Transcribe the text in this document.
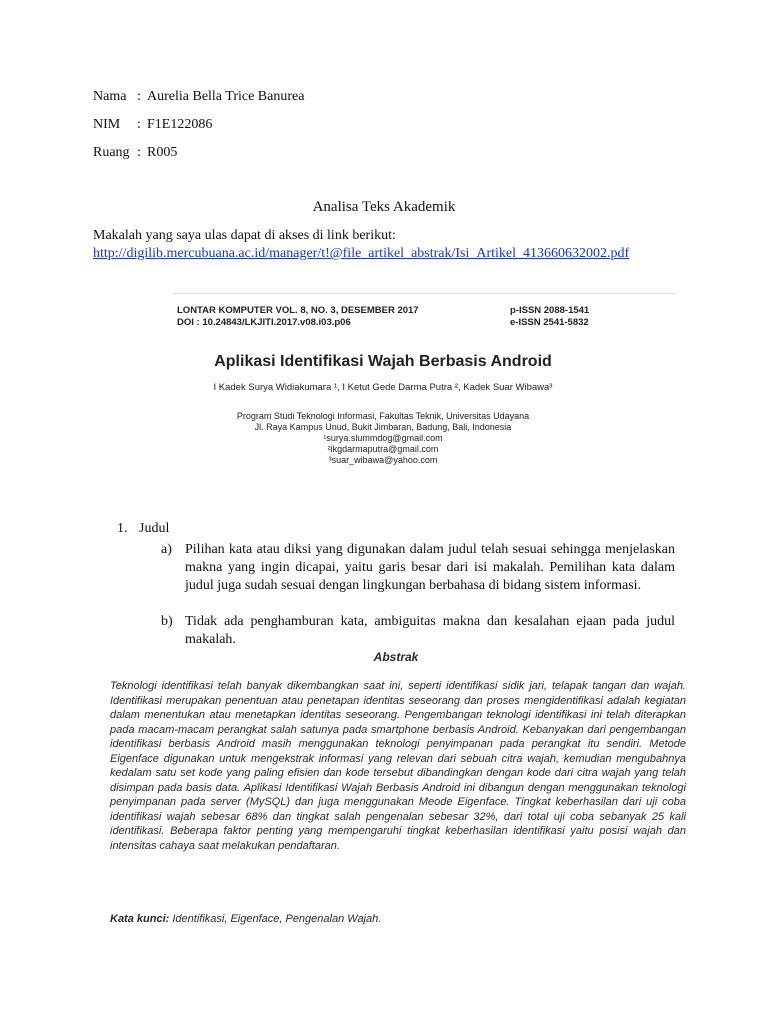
Nama : Aurelia Bella Trice Banurea
NIM : F1E122086
Ruang : R005
Analisa Teks Akademik
Makalah yang saya ulas dapat di akses di link berikut:
http://digilib.mercubuana.ac.id/manager/t!@file_artikel_abstrak/Isi_Artikel_413660632002.pdf
LONTAR KOMPUTER VOL. 8, NO. 3, DESEMBER 2017
DOI : 10.24843/LKJITI.2017.v08.i03.p06
p-ISSN 2088-1541
e-ISSN 2541-5832
Aplikasi Identifikasi Wajah Berbasis Android
I Kadek Surya Widiakumara ¹, I Ketut Gede Darma Putra ², Kadek Suar Wibawa³
Program Studi Teknologi Informasi, Fakultas Teknik, Universitas Udayana
Jl. Raya Kampus Unud, Bukit Jimbaran, Badung, Bali, Indonesia
¹surya.slummdog@gmail.com
²ikgdarmaputra@gmail.com
³suar_wibawa@yahoo.com
1. Judul
a) Pilihan kata atau diksi yang digunakan dalam judul telah sesuai sehingga menjelaskan makna yang ingin dicapai, yaitu garis besar dari isi makalah. Pemilihan kata dalam judul juga sudah sesuai dengan lingkungan berbahasa di bidang sistem informasi.
b) Tidak ada penghamburan kata, ambiguitas makna dan kesalahan ejaan pada judul makalah.
Abstrak
Teknologi identifikasi telah banyak dikembangkan saat ini, seperti identifikasi sidik jari, telapak tangan dan wajah. Identifikasi merupakan penentuan atau penetapan identitas seseorang dan proses mengidentifikasi adalah kegiatan dalam menentukan atau menetapkan identitas seseorang. Pengembangan teknologi identifikasi ini telah diterapkan pada macam-macam perangkat salah satunya pada smartphone berbasis Android. Kebanyakan dari pengembangan identifikasi berbasis Android masih menggunakan teknologi penyimpanan pada perangkat itu sendiri. Metode Eigenface digunakan untuk mengekstrak informasi yang relevan dari sebuah citra wajah, kemudian mengubahnya kedalam satu set kode yang paling efisien dan kode tersebut dibandingkan dengan kode dari citra wajah yang telah disimpan pada basis data. Aplikasi Identifikasi Wajah Berbasis Android ini dibangun dengan menggunakan teknologi penyimpanan pada server (MySQL) dan juga menggunakan Meode Eigenface. Tingkat keberhasilan dari uji coba identifikasi wajah sebesar 68% dan tingkat salah pengenalan sebesar 32%, dari total uji coba sebanyak 25 kali identifikasi. Beberapa faktor penting yang mempengaruhi tingkat keberhasilan identifikasi yaitu posisi wajah dan intensitas cahaya saat melakukan pendaftaran.
Kata kunci: Identifikasi, Eigenface, Pengenalan Wajah.
